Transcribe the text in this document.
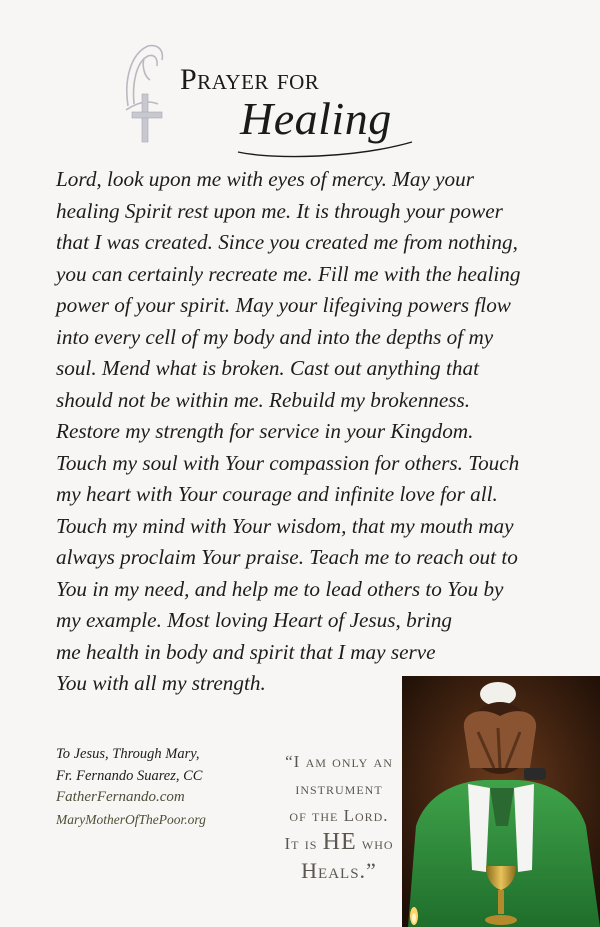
Prayer for
Healing
Lord, look upon me with eyes of mercy. May your
healing Spirit rest upon me. It is through your power
that I was created. Since you created me from nothing,
you can certainly recreate me. Fill me with the healing
power of your spirit. May your lifegiving powers flow
into every cell of my body and into the depths of my
soul. Mend what is broken. Cast out anything that
should not be within me. Rebuild my brokenness.
Restore my strength for service in your Kingdom.
Touch my soul with Your compassion for others. Touch
my heart with Your courage and infinite love for all.
Touch my mind with Your wisdom, that my mouth may
always proclaim Your praise. Teach me to reach out to
You in my need, and help me to lead others to You by
my example. Most loving Heart of Jesus, bring
me health in body and spirit that I may serve
You with all my strength.
To Jesus, Through Mary,
Fr. Fernando Suarez, CC
FatherFernando.com
MaryMotherOfThePoor.org
“I am only an
instrument
of the Lord.
It is HE who
Heals.”
